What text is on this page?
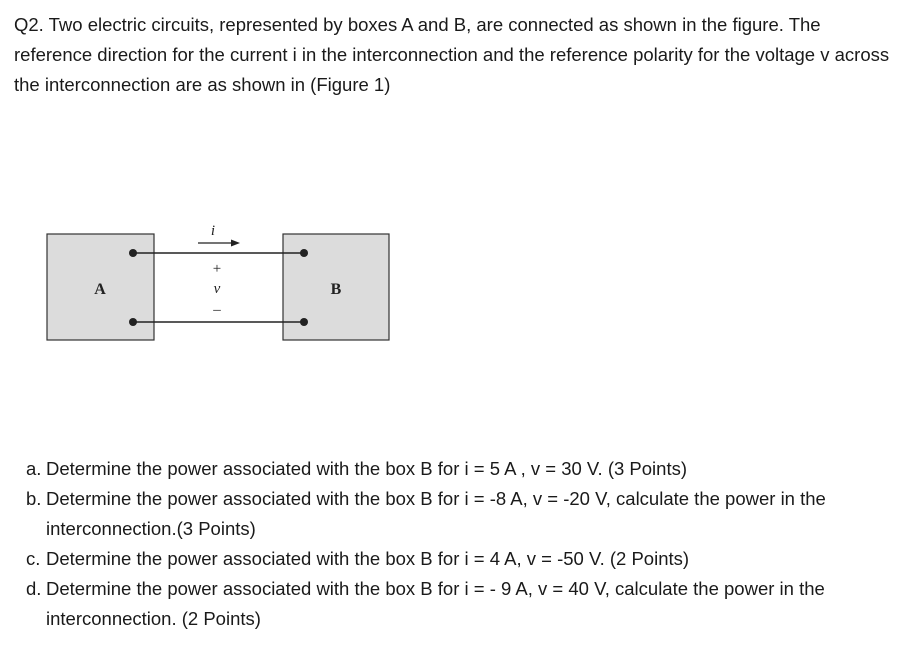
Q2. Two electric circuits, represented by boxes A and B, are connected as shown in the figure. The reference direction for the current i in the interconnection and the reference polarity for the voltage v across the interconnection are as shown in (Figure 1)

A	B
i
+
v
–
a. Determine the power associated with the box B for i = 5 A , v = 30 V. (3 Points)
b. Determine the power associated with the box B for i = -8 A, v = -20 V, calculate the power in the interconnection.(3 Points)
c. Determine the power associated with the box B for i = 4 A, v = -50 V. (2 Points)
d. Determine the power associated with the box B for i = - 9 A, v = 40 V, calculate the power in the interconnection. (2 Points)
